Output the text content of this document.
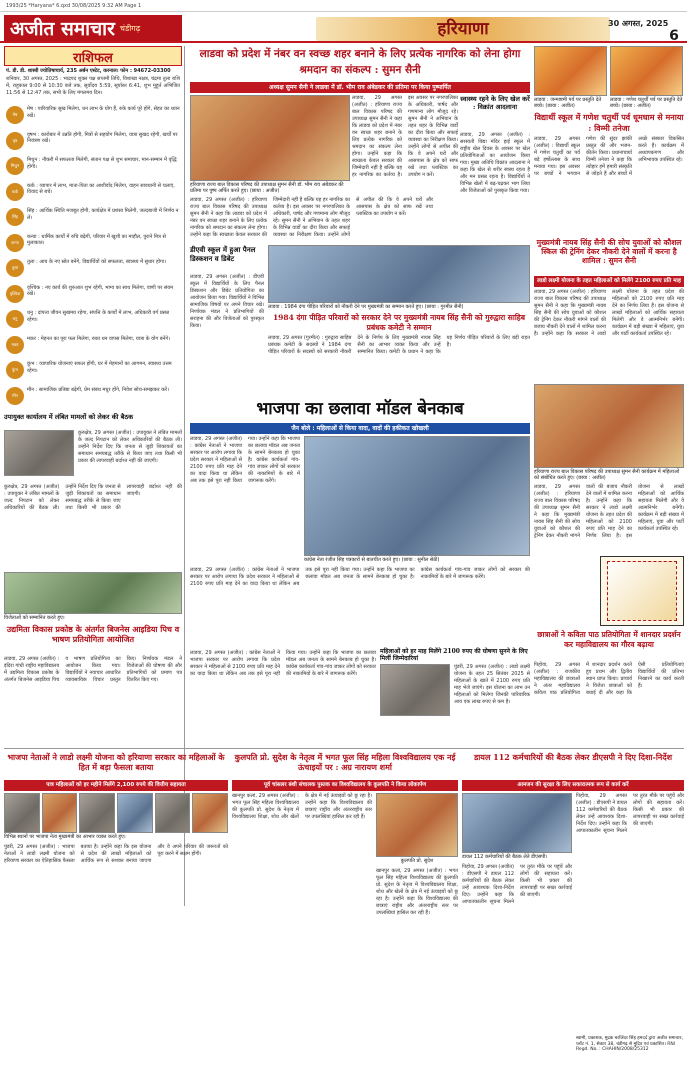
1993/25 *Haryana* 6.qxd 30/08/2025 9:32 AM Page 1
अजीत समाचार चंडीगढ़	हरियाणा	30 अगस्त, 2025
6
राशिफल
पं. डी. डी. शास्त्री ज्योतिषाचार्य, 235 अर्बन एस्टेट, करनाल। फोन : 94672-03300
शनिवार, 30 अगस्त, 2025 : भाद्रपद शुक्ल पक्ष सप्तमी तिथि, विशाखा नक्षत्र, चंद्रमा तुला राशि में, राहुकाल 9:00 से 10:30 बजे तक, सूर्योदय 5:59, सूर्यास्त 6:41, शुभ मुहूर्त अभिजित 11:56 से 12:47 तक, सभी के लिए मंगलमय दिन।
मेष
मेष : पारिवारिक सुख मिलेगा, धन लाभ के योग हैं, रुके कार्य पूरे होंगे, सेहत का ध्यान रखें।
वृष
वृषभ : कारोबार में उन्नति होगी, मित्रों से सहयोग मिलेगा, यात्रा सुखद रहेगी, खर्चों पर नियंत्रण रखें।
मिथुन
मिथुन : नौकरी में सफलता मिलेगी, संतान पक्ष से शुभ समाचार, मान-सम्मान में वृद्धि होगी।
कर्क
कर्क : व्यापार में लाभ, माता-पिता का आशीर्वाद मिलेगा, वाहन सावधानी से चलाएं, विवाद से बचें।
सिंह
सिंह : आर्थिक स्थिति मजबूत होगी, कार्यक्षेत्र में प्रशंसा मिलेगी, जल्दबाजी में निर्णय न लें।
कन्या
कन्या : धार्मिक कार्यों में रुचि बढ़ेगी, परिवार में खुशी का माहौल, पुराने मित्र से मुलाकात।
तुला
तुला : आय के नए स्रोत बनेंगे, विद्यार्थियों को सफलता, स्वास्थ्य में सुधार होगा।
वृश्चिक
वृश्चिक : नए कार्य की शुरुआत शुभ रहेगी, भाग्य का साथ मिलेगा, वाणी पर संयम रखें।
धनु
धनु : दांपत्य जीवन सुखमय रहेगा, संपत्ति के कार्यों में लाभ, अधिकारी वर्ग प्रसन्न रहेगा।
मकर
मकर : मेहनत का पूरा फल मिलेगा, रुका धन वापस मिलेगा, यात्रा के योग बनेंगे।
कुंभ
कुंभ : व्यापारिक योजनाएं सफल होंगी, घर में मेहमानों का आगमन, स्वास्थ्य उत्तम रहेगा।
मीन
मीन : सामाजिक प्रतिष्ठा बढ़ेगी, प्रेम संबंध मधुर होंगे, निवेश सोच-समझकर करें।
लाडवा को प्रदेश में नंबर वन स्वच्छ शहर बनाने के लिए प्रत्येक नागरिक को लेना होगा श्रमदान का संकल्प : सुमन सैनी
अध्यक्ष सुमन सैनी ने लाडवा में डॉ. भीम राव अंबेडकर की प्रतिमा पर किया पुष्पार्पित
हरियाणा राज्य बाल विकास परिषद की उपाध्यक्ष सुमन सैनी डॉ. भीम राव अंबेडकर की प्रतिमा पर पुष्प अर्पित करते हुए। (छाया : अजीत)
लाडवा, 29 अगस्त (अजीत) : हरियाणा राज्य बाल विकास परिषद की उपाध्यक्ष सुमन सैनी ने कहा कि लाडवा को प्रदेश में नंबर वन स्वच्छ शहर बनाने के लिए प्रत्येक नागरिक को श्रमदान का संकल्प लेना होगा। उन्होंने कहा कि स्वच्छता केवल सरकार की जिम्मेदारी नहीं है बल्कि यह हर नागरिक का कर्तव्य है। इस अवसर पर नगरपालिका के अधिकारी, पार्षद और गणमान्य लोग मौजूद रहे। सुमन सैनी ने अभियान के तहत शहर के विभिन्न वार्डों का दौरा किया और सफाई व्यवस्था का निरीक्षण किया। उन्होंने लोगों से अपील की कि वे अपने घरों और आसपास के क्षेत्र को साफ रखें तथा प्लास्टिक का उपयोग न करें।
लाडवा, 29 अगस्त (अजीत) : हरियाणा राज्य बाल विकास परिषद की उपाध्यक्ष सुमन सैनी ने कहा कि लाडवा को प्रदेश में नंबर वन स्वच्छ शहर बनाने के लिए प्रत्येक नागरिक को श्रमदान का संकल्प लेना होगा। उन्होंने कहा कि स्वच्छता केवल सरकार की जिम्मेदारी नहीं है बल्कि यह हर नागरिक का कर्तव्य है। इस अवसर पर नगरपालिका के अधिकारी, पार्षद और गणमान्य लोग मौजूद रहे। सुमन सैनी ने अभियान के तहत शहर के विभिन्न वार्डों का दौरा किया और सफाई व्यवस्था का निरीक्षण किया। उन्होंने लोगों से अपील की कि वे अपने घरों और आसपास के क्षेत्र को साफ रखें तथा प्लास्टिक का उपयोग न करें।
स्वास्थ्य रहने के लिए खेल करें : विक्रांत आदलाना
लाडवा, 29 अगस्त (अजीत) : सरस्वती विद्या मंदिर हाई स्कूल में राष्ट्रीय खेल दिवस के अवसर पर खेल प्रतियोगिताओं का आयोजन किया गया। मुख्य अतिथि विक्रांत आदलाना ने कहा कि खेल से शरीर स्वस्थ रहता है और मन प्रसन्न रहता है। विद्यार्थियों ने विभिन्न खेलों में बढ़-चढ़कर भाग लिया और विजेताओं को पुरस्कृत किया गया।
लाडवा : जन्माष्टमी पर्व पर प्रस्तुति देते बच्चे। (छाया : अजीत)
लाडवा : गणेश चतुर्थी पर्व पर प्रस्तुति देते बच्चे। (छाया : अजीत)
विद्यार्थी स्कूल में गणेश चतुर्थी पर्व धूमधाम से मनाया : विम्मी तनेजा
लाडवा, 29 अगस्त (अजीत) : विद्यार्थी स्कूल में गणेश चतुर्थी का पर्व बड़े हर्षोल्लास के साथ मनाया गया। इस अवसर पर बच्चों ने भगवान गणेश की सुंदर झांकी प्रस्तुत की और भजन-कीर्तन किया। प्रधानाचार्या विम्मी तनेजा ने कहा कि त्योहार हमें हमारी संस्कृति से जोड़ते हैं और बच्चों में अच्छे संस्कार विकसित करते हैं। कार्यक्रम में अध्यापकगण और अभिभावक उपस्थित रहे।
डीएवी स्कूल में हुआ पैनल डिस्कशन व डिबेट
लाडवा, 29 अगस्त (अजीत) : डीएवी स्कूल में विद्यार्थियों के लिए पैनल डिस्कशन और डिबेट प्रतियोगिता का आयोजन किया गया। विद्यार्थियों ने विभिन्न सामाजिक विषयों पर अपने विचार रखे। निर्णायक मंडल ने प्रतिभागियों की सराहना की और विजेताओं को पुरस्कृत किया।
लाडवा : 1984 दंगा पीड़ित परिवारों को नौकरी देने पर मुख्यमंत्री का सम्मान करते हुए। (छाया : गुरमीत सैनी)
1984 दंगा पीड़ित परिवारों को सरकार देने पर मुख्यमंत्री नायब सिंह सैनी को गुरुद्वारा साहिब प्रबंधक कमेटी ने सम्मान
लाडवा, 29 अगस्त (गुरमीत) : गुरुद्वारा साहिब प्रबंधक कमेटी के सदस्यों ने 1984 दंगा पीड़ित परिवारों के सदस्यों को सरकारी नौकरी देने के निर्णय के लिए मुख्यमंत्री नायब सिंह सैनी का आभार व्यक्त किया और उन्हें सम्मानित किया। कमेटी के प्रधान ने कहा कि यह निर्णय पीड़ित परिवारों के लिए बड़ी राहत है।
मुख्यमंत्री नायब सिंह सैनी की सोच युवाओं को कौशल स्किल की ट्रेनिंग देकर नौकरी देने वालों में करना है शामिल : सुमन सैनी
लाडो लक्ष्मी योजना के तहत महिलाओं को मिलेंगे 2100 रुपए प्रति माह
लाडवा, 29 अगस्त (अजीत) : हरियाणा राज्य बाल विकास परिषद की उपाध्यक्ष सुमन सैनी ने कहा कि मुख्यमंत्री नायब सिंह सैनी की सोच युवाओं को कौशल की ट्रेनिंग देकर नौकरी मांगने वालों की बजाय नौकरी देने वालों में शामिल करना है। उन्होंने कहा कि सरकार ने लाडो लक्ष्मी योजना के तहत प्रदेश की महिलाओं को 2100 रुपए प्रति माह देने का निर्णय लिया है। इस योजना से लाखों महिलाओं को आर्थिक सहायता मिलेगी और वे आत्मनिर्भर बनेंगी। कार्यक्रम में बड़ी संख्या में महिलाएं, युवा और पार्टी कार्यकर्ता उपस्थित रहे।
हरियाणा राज्य बाल विकास परिषद की उपाध्यक्ष सुमन सैनी कार्यक्रम में महिलाओं को संबोधित करते हुए। (छाया : अजीत)
लाडवा, 29 अगस्त (अजीत) : हरियाणा राज्य बाल विकास परिषद की उपाध्यक्ष सुमन सैनी ने कहा कि मुख्यमंत्री नायब सिंह सैनी की सोच युवाओं को कौशल की ट्रेनिंग देकर नौकरी मांगने वालों की बजाय नौकरी देने वालों में शामिल करना है। उन्होंने कहा कि सरकार ने लाडो लक्ष्मी योजना के तहत प्रदेश की महिलाओं को 2100 रुपए प्रति माह देने का निर्णय लिया है। इस योजना से लाखों महिलाओं को आर्थिक सहायता मिलेगी और वे आत्मनिर्भर बनेंगी। कार्यक्रम में बड़ी संख्या में महिलाएं, युवा और पार्टी कार्यकर्ता उपस्थित रहे।
उपायुक्त कार्यालय में लंबित मामलों को लेकर की बैठक
कुरुक्षेत्र, 29 अगस्त (अजीत) : उपायुक्त ने लंबित मामलों के जल्द निपटान को लेकर अधिकारियों की बैठक ली। उन्होंने निर्देश दिए कि जनता से जुड़ी शिकायतों का समाधान समयबद्ध तरीके से किया जाए तथा किसी भी प्रकार की लापरवाही बर्दाश्त नहीं की जाएगी।
कुरुक्षेत्र, 29 अगस्त (अजीत) : उपायुक्त ने लंबित मामलों के जल्द निपटान को लेकर अधिकारियों की बैठक ली। उन्होंने निर्देश दिए कि जनता से जुड़ी शिकायतों का समाधान समयबद्ध तरीके से किया जाए तथा किसी भी प्रकार की लापरवाही बर्दाश्त नहीं की जाएगी।
भाजपा का छलावा मॉडल बेनकाब
जैन बोले : महिलाओं से किया वादा, वादों की हकीकत खोखली
लाडवा, 29 अगस्त (अजीत) : कांग्रेस नेताओं ने भाजपा सरकार पर आरोप लगाया कि प्रदेश सरकार ने महिलाओं से 2100 रुपए प्रति माह देने का वादा किया था लेकिन अब तक इसे पूरा नहीं किया गया। उन्होंने कहा कि भाजपा का छलावा मॉडल अब जनता के सामने बेनकाब हो चुका है। कांग्रेस कार्यकर्ता गांव-गांव जाकर लोगों को सरकार की नाकामियों के बारे में जागरूक करेंगे।
कांग्रेस नेता रंजीत सिंह पत्रकारों से बातचीत करते हुए। (छाया : सुनील सेठी)
लाडवा, 29 अगस्त (अजीत) : कांग्रेस नेताओं ने भाजपा सरकार पर आरोप लगाया कि प्रदेश सरकार ने महिलाओं से 2100 रुपए प्रति माह देने का वादा किया था लेकिन अब तक इसे पूरा नहीं किया गया। उन्होंने कहा कि भाजपा का छलावा मॉडल अब जनता के सामने बेनकाब हो चुका है। कांग्रेस कार्यकर्ता गांव-गांव जाकर लोगों को सरकार की नाकामियों के बारे में जागरूक करेंगे।
विजेताओं को सम्मानित करते हुए।
उद्यमिता विकास प्रकोष्ठ के अंतर्गत बिजनेस आइडिया पिच व भाषण प्रतियोगिता आयोजित
लाडवा, 29 अगस्त (अजीत) : इंदिरा गांधी राष्ट्रीय महाविद्यालय में उद्यमिता विकास प्रकोष्ठ के अंतर्गत बिजनेस आइडिया पिच व भाषण प्रतियोगिता का आयोजन किया गया। विद्यार्थियों ने नवाचार आधारित व्यावसायिक विचार प्रस्तुत किए। निर्णायक मंडल ने विजेताओं की घोषणा की और प्रतिभागियों को प्रमाण पत्र वितरित किए गए।
महिलाओं को हर माह मिलेंगे 2100 रुपए की घोषणा सुनने के लिए मिलीं जिम्मेदारियां
पुंडरी, 29 अगस्त (अजीत) : लाडो लक्ष्मी योजना के तहत 25 सितंबर 2025 से महिलाओं के खाते में 2100 रुपए प्रति माह भेजे जाएंगे। इस योजना का लाभ उन महिलाओं को मिलेगा जिनकी पारिवारिक आय एक लाख रुपए से कम है।
लाडवा, 29 अगस्त (अजीत) : कांग्रेस नेताओं ने भाजपा सरकार पर आरोप लगाया कि प्रदेश सरकार ने महिलाओं से 2100 रुपए प्रति माह देने का वादा किया था लेकिन अब तक इसे पूरा नहीं किया गया। उन्होंने कहा कि भाजपा का छलावा मॉडल अब जनता के सामने बेनकाब हो चुका है। कांग्रेस कार्यकर्ता गांव-गांव जाकर लोगों को सरकार की नाकामियों के बारे में जागरूक करेंगे।
छात्राओं ने कविता पाठ प्रतियोगिता में शानदार प्रदर्शन कर महाविद्यालय का गौरव बढ़ाया
पिहोवा, 29 अगस्त (अजीत) : राजकीय महाविद्यालय की छात्राओं ने अंतर महाविद्यालय कविता पाठ प्रतियोगिता में शानदार प्रदर्शन करते हुए प्रथम और द्वितीय स्थान प्राप्त किया। प्राचार्य ने विजेता छात्राओं को बधाई दी और कहा कि ऐसी प्रतियोगिताएं विद्यार्थियों की प्रतिभा निखारने का कार्य करती हैं।
भाजपा नेताओं ने लाडो लक्ष्मी योजना को हरियाणा सरकार का महिलाओं के हित में बड़ा फैसला बताया
पात्र महिलाओं को हर महीने मिलेंगे 2,100 रुपये की वित्तीय सहायता
विभिन्न स्थानों पर भाजपा नेता मुख्यमंत्री का आभार व्यक्त करते हुए।
पुंडरी, 29 अगस्त (अजीत) : भाजपा नेताओं ने लाडो लक्ष्मी योजना को हरियाणा सरकार का ऐतिहासिक फैसला बताया है। उन्होंने कहा कि इस योजना से प्रदेश की लाखों महिलाओं को आर्थिक रूप से सशक्त बनाया जाएगा और वे अपने परिवार की जरूरतों को पूरा करने में सक्षम होंगी।
कुलपति प्रो. सुदेश के नेतृत्व में भगत फूल सिंह महिला विश्वविद्यालय एक नई ऊंचाइयों पर : अग्र नारायण शर्मा
पूर्व चांसलर बंशी संचालक पुस्तक का विश्वविद्यालय के कुलपति ने किया लोकार्पण
खानपुर कलां, 29 अगस्त (अजीत) : भगत फूल सिंह महिला विश्वविद्यालय की कुलपति प्रो. सुदेश के नेतृत्व में विश्वविद्यालय शिक्षा, शोध और खेलों के क्षेत्र में नई ऊंचाइयों को छू रहा है। उन्होंने कहा कि विश्वविद्यालय की छात्राएं राष्ट्रीय और अंतरराष्ट्रीय स्तर पर उपलब्धियां हासिल कर रही हैं।
कुलपति प्रो. सुदेश
खानपुर कलां, 29 अगस्त (अजीत) : भगत फूल सिंह महिला विश्वविद्यालय की कुलपति प्रो. सुदेश के नेतृत्व में विश्वविद्यालय शिक्षा, शोध और खेलों के क्षेत्र में नई ऊंचाइयों को छू रहा है। उन्होंने कहा कि विश्वविद्यालय की छात्राएं राष्ट्रीय और अंतरराष्ट्रीय स्तर पर उपलब्धियां हासिल कर रही हैं।
डायल 112 कर्मचारियों की बैठक लेकर डीएसपी ने दिए दिशा-निर्देश
आमजन की सुरक्षा के लिए सकारात्मक रूप से कार्य करें
डायल 112 कर्मचारियों की बैठक लेते डीएसपी।
पिहोवा, 29 अगस्त (अजीत) : डीएसपी ने डायल 112 कर्मचारियों की बैठक लेकर उन्हें आवश्यक दिशा-निर्देश दिए। उन्होंने कहा कि आपातकालीन सूचना मिलने पर तुरंत मौके पर पहुंचें और लोगों की सहायता करें। किसी भी प्रकार की लापरवाही पर सख्त कार्रवाई की जाएगी।
पिहोवा, 29 अगस्त (अजीत) : डीएसपी ने डायल 112 कर्मचारियों की बैठक लेकर उन्हें आवश्यक दिशा-निर्देश दिए। उन्होंने कहा कि आपातकालीन सूचना मिलने पर तुरंत मौके पर पहुंचें और लोगों की सहायता करें। किसी भी प्रकार की लापरवाही पर सख्त कार्रवाई की जाएगी।
स्वामी, प्रकाशक, मुद्रक बरजिंदर सिंह हमदर्द द्वारा अजीत समाचार, प्लॉट नं. 1, सेक्टर 38, चंडीगढ़ से मुद्रित एवं प्रकाशित। RNI Regd. No. : CHAHIN/2008/25312
